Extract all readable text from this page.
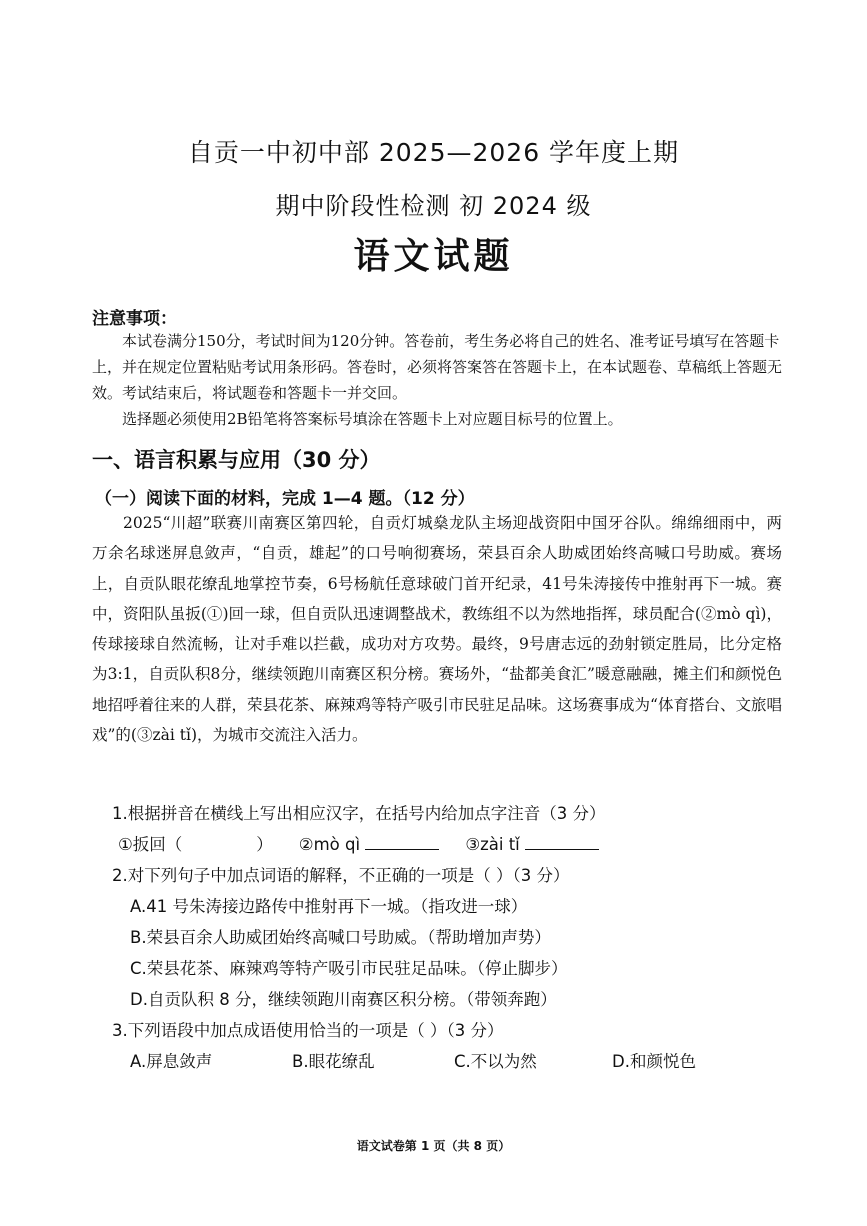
自贡一中初中部 2025—2026 学年度上期
期中阶段性检测 初 2024 级
语文试题
注意事项：

本试卷满分150分，考试时间为120分钟。答卷前，考生务必将自己的姓名、准考证号填写在答题卡上，并在规定位置粘贴考试用条形码。答卷时，必须将答案答在答题卡上，在本试题卷、草稿纸上答题无效。考试结束后，将试题卷和答题卡一并交回。

选择题必须使用2B铅笔将答案标号填涂在答题卡上对应题目标号的位置上。

一、语言积累与应用（30 分）
（一）阅读下面的材料，完成 1—4 题。（12 分）

2025“川超”联赛川南赛区第四轮，自贡灯城燊龙队主场迎战资阳中国牙谷队。绵绵细雨中，两万余名球迷屏息敛声，“自贡，雄起”的口号响彻赛场，荣县百余人助威团始终高喊口号助威。赛场上，自贡队眼花缭乱地掌控节奏，6号杨航任意球破门首开纪录，41号朱涛接传中推射再下一城。赛中，资阳队虽扳(①)回一球，但自贡队迅速调整战术，教练组不以为然地指挥，球员配合(②mò qì)，传球接球自然流畅，让对手难以拦截，成功对方攻势。最终，9号唐志远的劲射锁定胜局，比分定格为3:1，自贡队积8分，继续领跑川南赛区积分榜。赛场外，“盐都美食汇”暖意融融，摊主们和颜悦色地招呼着往来的人群，荣县花茶、麻辣鸡等特产吸引市民驻足品味。这场赛事成为“体育搭台、文旅唱戏”的(③zài tǐ)，为城市交流注入活力。

1.根据拼音在横线上写出相应汉字，在括号内给加点字注音（3 分）
①扳回（	） ②mò qì	③zài tǐ
2.对下列句子中加点词语的解释，不正确的一项是（ ）（3 分）
A.41 号朱涛接边路传中推射再下一城。（指攻进一球）
B.荣县百余人助威团始终高喊口号助威。（帮助增加声势）
C.荣县花茶、麻辣鸡等特产吸引市民驻足品味。（停止脚步）
D.自贡队积 8 分，继续领跑川南赛区积分榜。（带领奔跑）
3.下列语段中加点成语使用恰当的一项是（ ）（3 分）
A.屏息敛声	B.眼花缭乱	C.不以为然	D.和颜悦色
语文试卷第 1 页（共 8 页）
